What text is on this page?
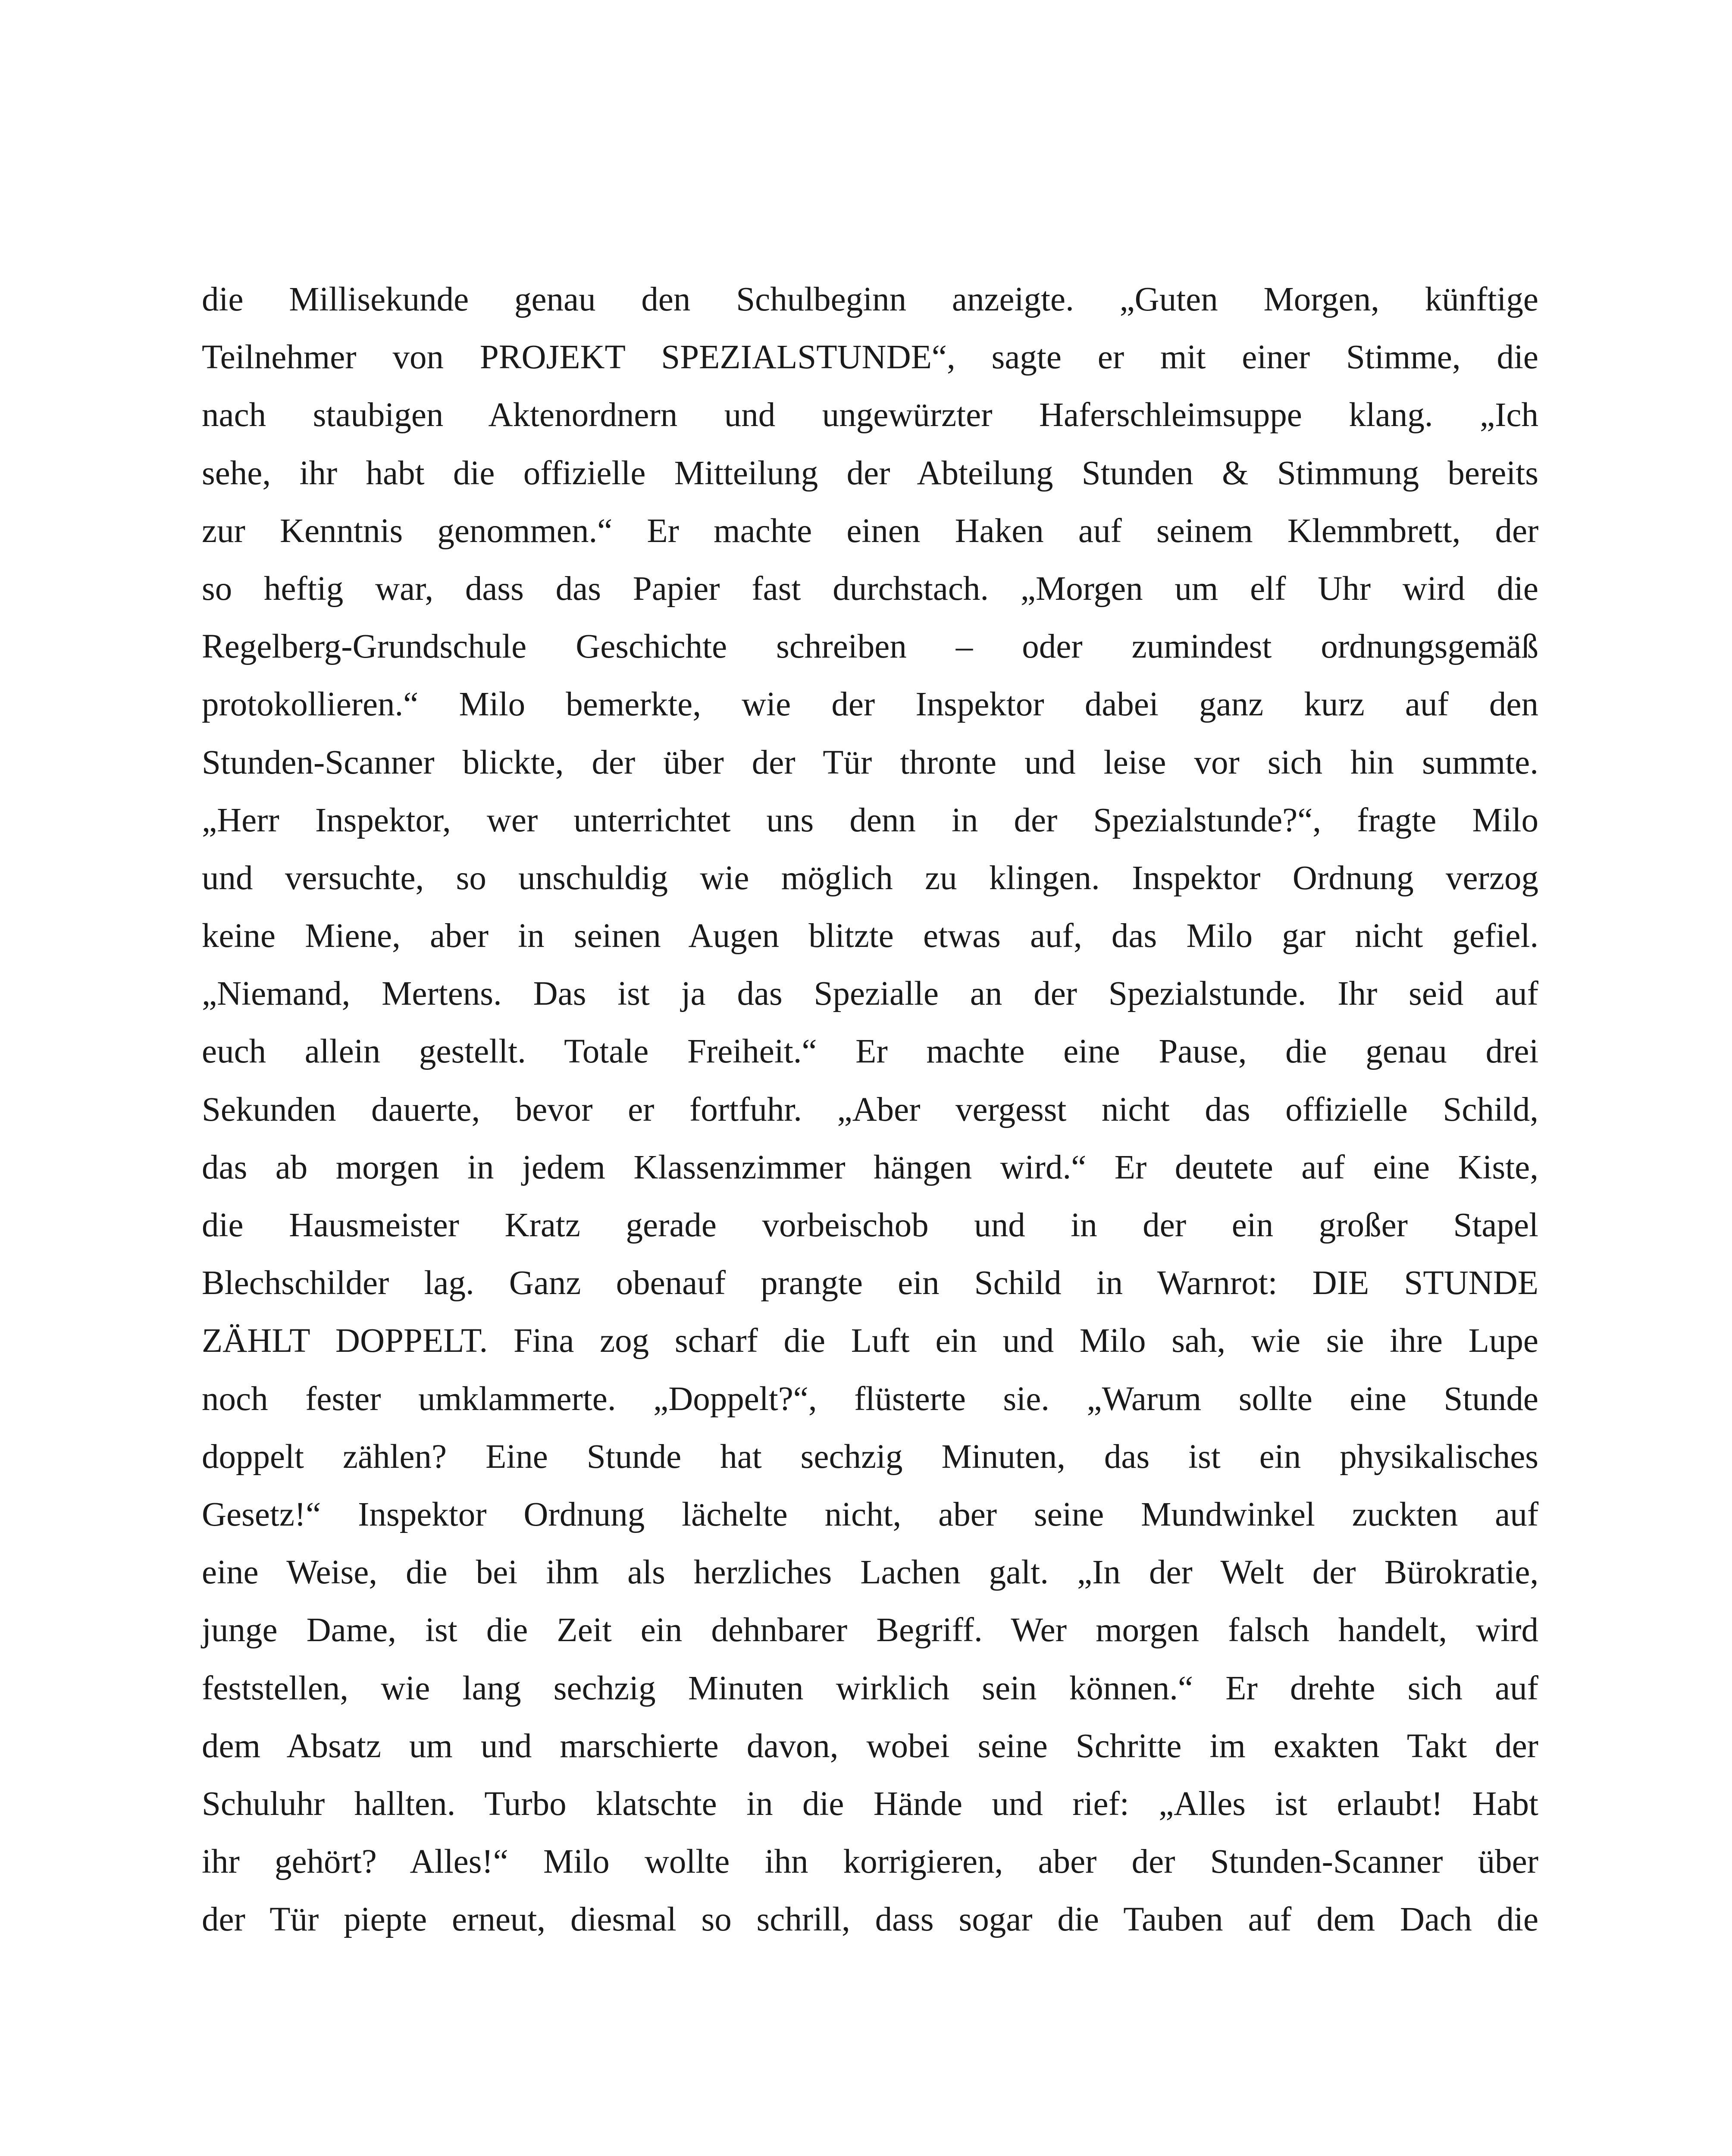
die Millisekunde genau den Schulbeginn anzeigte. „Guten Morgen, künftige
Teilnehmer von PROJEKT SPEZIALSTUNDE“, sagte er mit einer Stimme, die
nach staubigen Aktenordnern und ungewürzter Haferschleimsuppe klang. „Ich
sehe, ihr habt die offizielle Mitteilung der Abteilung Stunden & Stimmung bereits
zur Kenntnis genommen.“ Er machte einen Haken auf seinem Klemmbrett, der
so heftig war, dass das Papier fast durchstach. „Morgen um elf Uhr wird die
Regelberg-Grundschule Geschichte schreiben – oder zumindest ordnungsgemäß
protokollieren.“ Milo bemerkte, wie der Inspektor dabei ganz kurz auf den
Stunden-Scanner blickte, der über der Tür thronte und leise vor sich hin summte.
„Herr Inspektor, wer unterrichtet uns denn in der Spezialstunde?“, fragte Milo
und versuchte, so unschuldig wie möglich zu klingen. Inspektor Ordnung verzog
keine Miene, aber in seinen Augen blitzte etwas auf, das Milo gar nicht gefiel.
„Niemand, Mertens. Das ist ja das Spezialle an der Spezialstunde. Ihr seid auf
euch allein gestellt. Totale Freiheit.“ Er machte eine Pause, die genau drei
Sekunden dauerte, bevor er fortfuhr. „Aber vergesst nicht das offizielle Schild,
das ab morgen in jedem Klassenzimmer hängen wird.“ Er deutete auf eine Kiste,
die Hausmeister Kratz gerade vorbeischob und in der ein großer Stapel
Blechschilder lag. Ganz obenauf prangte ein Schild in Warnrot: DIE STUNDE
ZÄHLT DOPPELT. Fina zog scharf die Luft ein und Milo sah, wie sie ihre Lupe
noch fester umklammerte. „Doppelt?“, flüsterte sie. „Warum sollte eine Stunde
doppelt zählen? Eine Stunde hat sechzig Minuten, das ist ein physikalisches
Gesetz!“ Inspektor Ordnung lächelte nicht, aber seine Mundwinkel zuckten auf
eine Weise, die bei ihm als herzliches Lachen galt. „In der Welt der Bürokratie,
junge Dame, ist die Zeit ein dehnbarer Begriff. Wer morgen falsch handelt, wird
feststellen, wie lang sechzig Minuten wirklich sein können.“ Er drehte sich auf
dem Absatz um und marschierte davon, wobei seine Schritte im exakten Takt der
Schuluhr hallten. Turbo klatschte in die Hände und rief: „Alles ist erlaubt! Habt
ihr gehört? Alles!“ Milo wollte ihn korrigieren, aber der Stunden-Scanner über
der Tür piepte erneut, diesmal so schrill, dass sogar die Tauben auf dem Dach die
